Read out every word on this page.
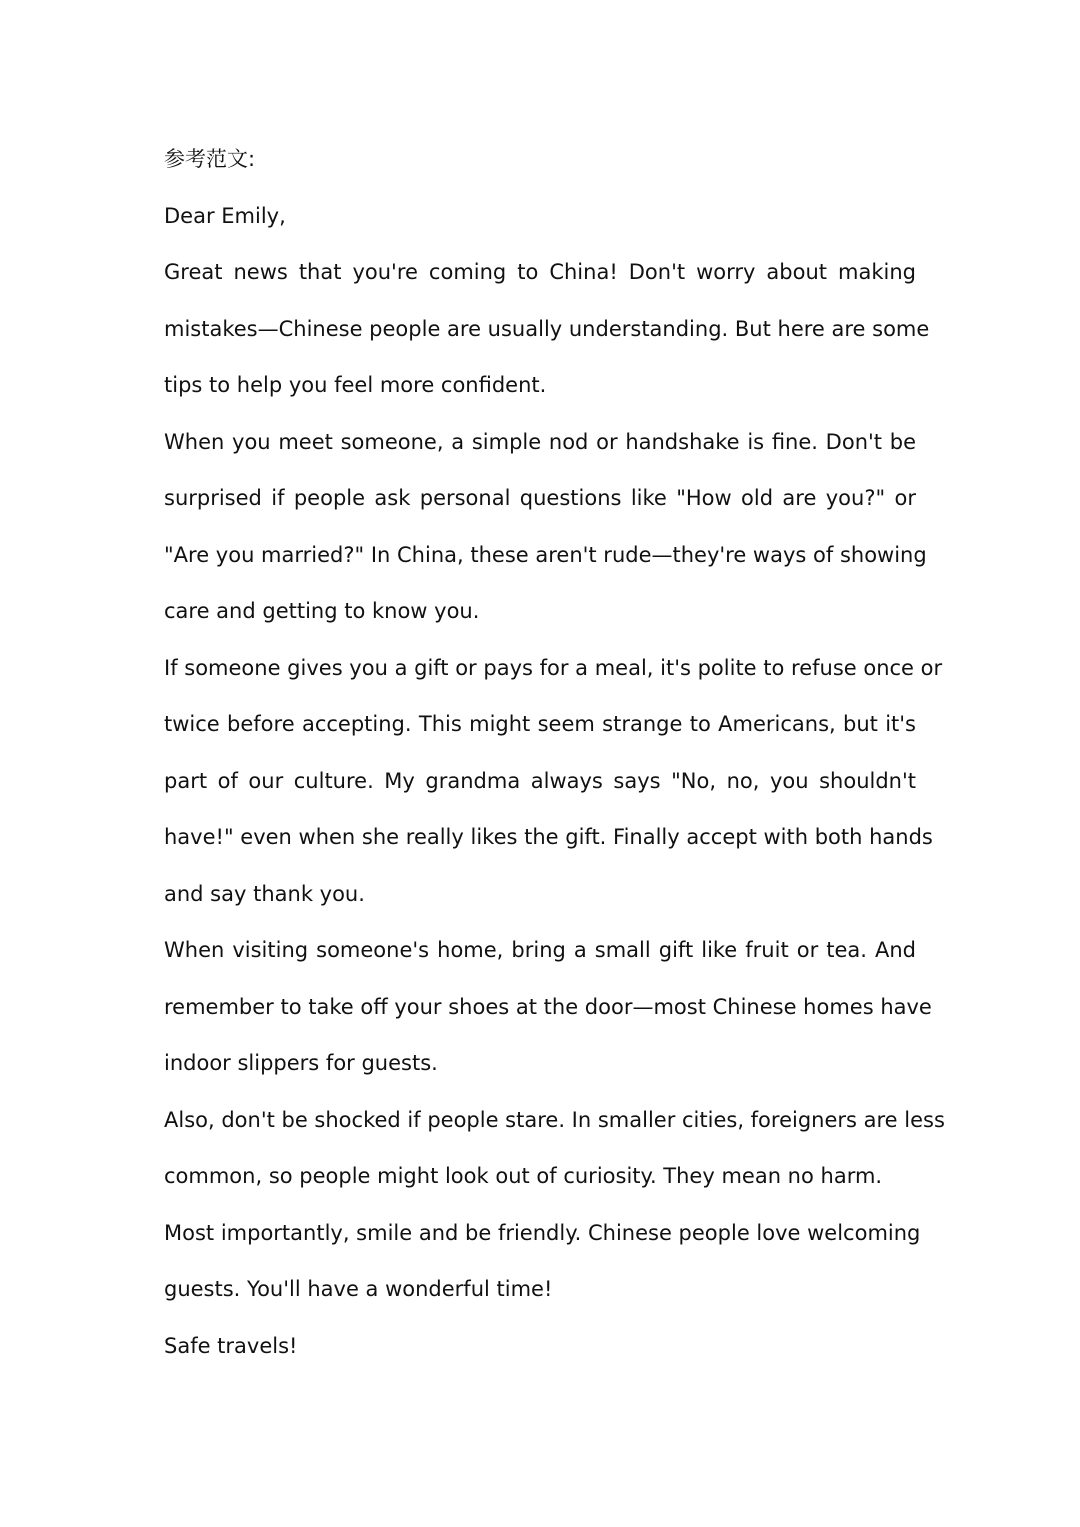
参考范文:
Dear Emily,
Great news that you're coming to China! Don't worry about making
mistakes—Chinese people are usually understanding. But here are some
tips to help you feel more confident.
When you meet someone, a simple nod or handshake is fine. Don't be
surprised if people ask personal questions like "How old are you?" or
"Are you married?" In China, these aren't rude—they're ways of showing
care and getting to know you.
If someone gives you a gift or pays for a meal, it's polite to refuse once or
twice before accepting. This might seem strange to Americans, but it's
part of our culture. My grandma always says "No, no, you shouldn't
have!" even when she really likes the gift. Finally accept with both hands
and say thank you.
When visiting someone's home, bring a small gift like fruit or tea. And
remember to take off your shoes at the door—most Chinese homes have
indoor slippers for guests.
Also, don't be shocked if people stare. In smaller cities, foreigners are less
common, so people might look out of curiosity. They mean no harm.
Most importantly, smile and be friendly. Chinese people love welcoming
guests. You'll have a wonderful time!
Safe travels!
